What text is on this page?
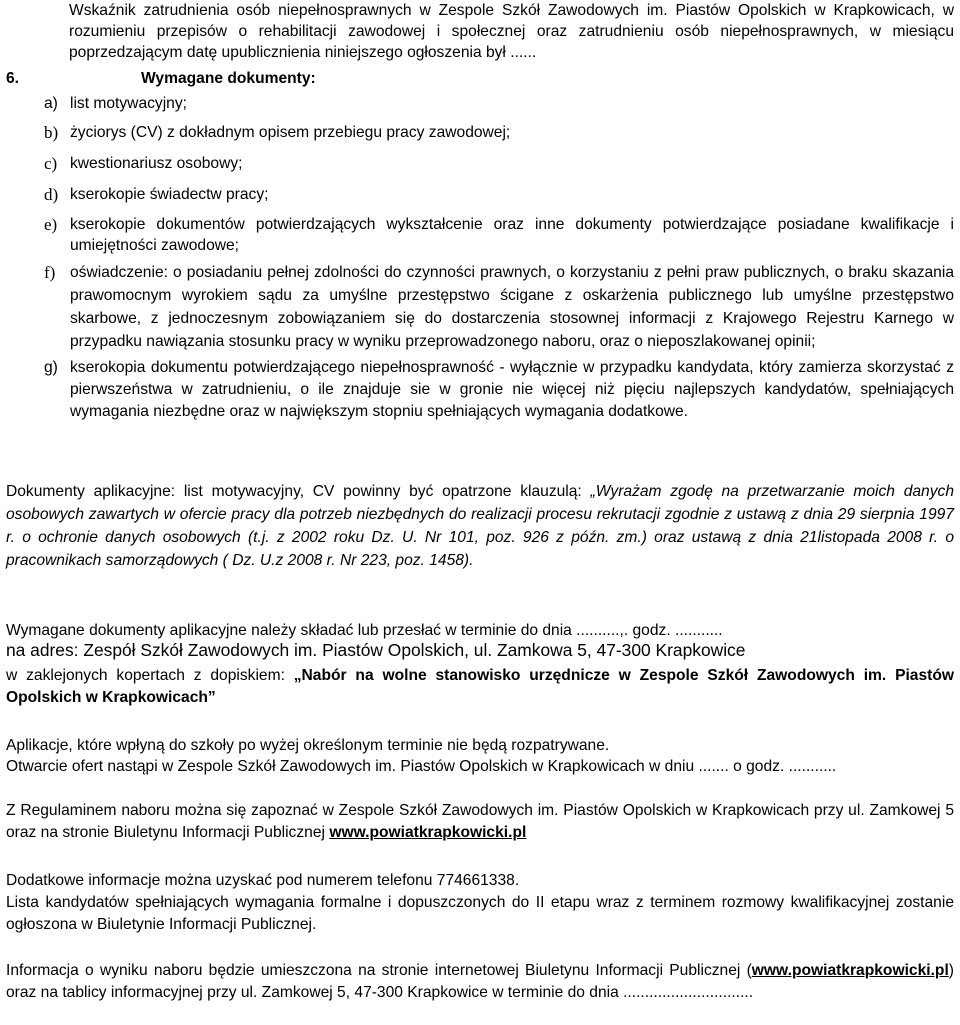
Wskaźnik zatrudnienia osób niepełnosprawnych w Zespole Szkół Zawodowych im. Piastów Opolskich w Krapkowicach, w rozumieniu przepisów o rehabilitacji zawodowej i społecznej oraz zatrudnieniu osób niepełnosprawnych, w miesiącu poprzedzającym datę upublicznienia niniejszego ogłoszenia był ......

6.	Wymagane dokumenty:
a) list motywacyjny;
b) życiorys (CV) z dokładnym opisem przebiegu pracy zawodowej;
c) kwestionariusz osobowy;
d) kserokopie świadectw pracy;
e) kserokopie dokumentów potwierdzających wykształcenie oraz inne dokumenty potwierdzające posiadane kwalifikacje i umiejętności zawodowe;
f) oświadczenie: o posiadaniu pełnej zdolności do czynności prawnych, o korzystaniu z pełni praw publicznych, o braku skazania prawomocnym wyrokiem sądu za umyślne przestępstwo ścigane z oskarżenia publicznego lub umyślne przestępstwo skarbowe, z jednoczesnym zobowiązaniem się do dostarczenia stosownej informacji z Krajowego Rejestru Karnego w przypadku nawiązania stosunku pracy w wyniku przeprowadzonego naboru, oraz o nieposzlakowanej opinii;
g) kserokopia dokumentu potwierdzającego niepełnosprawność - wyłącznie w przypadku kandydata, który zamierza skorzystać z pierwszeństwa w zatrudnieniu, o ile znajduje sie w gronie nie więcej niż pięciu najlepszych kandydatów, spełniających wymagania niezbędne oraz w największym stopniu spełniających wymagania dodatkowe.

Dokumenty aplikacyjne: list motywacyjny, CV powinny być opatrzone klauzulą: „Wyrażam zgodę na przetwarzanie moich danych osobowych zawartych w ofercie pracy dla potrzeb niezbędnych do realizacji procesu rekrutacji zgodnie z ustawą z dnia 29 sierpnia 1997 r. o ochronie danych osobowych (t.j. z 2002 roku Dz. U. Nr 101, poz. 926 z późn. zm.) oraz ustawą z dnia 21listopada 2008 r. o pracownikach samorządowych ( Dz. U.z 2008 r. Nr 223, poz. 1458).

Wymagane dokumenty aplikacyjne należy składać lub przesłać w terminie do dnia ..........,. godz. ...........

na adres: Zespół Szkół Zawodowych im. Piastów Opolskich, ul. Zamkowa 5, 47-300 Krapkowice

w zaklejonych kopertach z dopiskiem: „Nabór na wolne stanowisko urzędnicze w Zespole Szkół Zawodowych im. Piastów Opolskich w Krapkowicach”

Aplikacje, które wpłyną do szkoły po wyżej określonym terminie nie będą rozpatrywane.

Otwarcie ofert nastąpi w Zespole Szkół Zawodowych im. Piastów Opolskich w Krapkowicach w dniu ....... o godz. ...........

Z Regulaminem naboru można się zapoznać w Zespole Szkół Zawodowych im. Piastów Opolskich w Krapkowicach przy ul. Zamkowej 5 oraz na stronie Biuletynu Informacji Publicznej www.powiatkrapkowicki.pl

Dodatkowe informacje można uzyskać pod numerem telefonu 774661338.

Lista kandydatów spełniających wymagania formalne i dopuszczonych do II etapu wraz z terminem rozmowy kwalifikacyjnej zostanie ogłoszona w Biuletynie Informacji Publicznej.

Informacja o wyniku naboru będzie umieszczona na stronie internetowej Biuletynu Informacji Publicznej (www.powiatkrapkowicki.pl) oraz na tablicy informacyjnej przy ul. Zamkowej 5, 47-300 Krapkowice w terminie do dnia ..............................
